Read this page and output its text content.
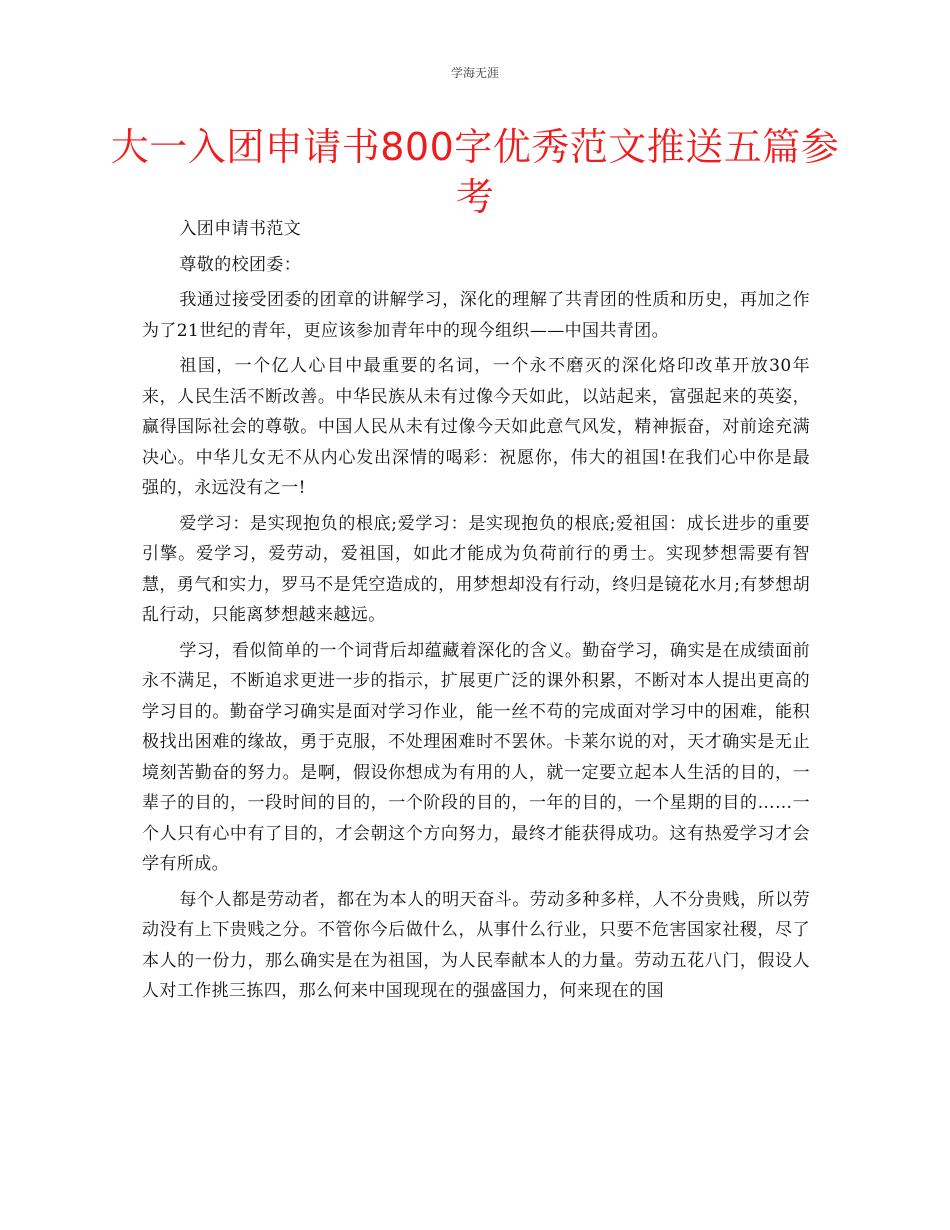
学海无涯
大一入团申请书800字优秀范文推送五篇参考

入团申请书范文

尊敬的校团委：

我通过接受团委的团章的讲解学习，深化的理解了共青团的性质和历史，再加之作为了21世纪的青年，更应该参加青年中的现今组织——中国共青团。

祖国，一个亿人心目中最重要的名词，一个永不磨灭的深化烙印改革开放30年来，人民生活不断改善。中华民族从未有过像今天如此，以站起来，富强起来的英姿，赢得国际社会的尊敬。中国人民从未有过像今天如此意气风发，精神振奋，对前途充满决心。中华儿女无不从内心发出深情的喝彩：祝愿你，伟大的祖国!在我们心中你是最强的，永远没有之一!

爱学习：是实现抱负的根底;爱学习：是实现抱负的根底;爱祖国：成长进步的重要引擎。爱学习，爱劳动，爱祖国，如此才能成为负荷前行的勇士。实现梦想需要有智慧，勇气和实力，罗马不是凭空造成的，用梦想却没有行动，终归是镜花水月;有梦想胡乱行动，只能离梦想越来越远。

学习，看似简单的一个词背后却蕴藏着深化的含义。勤奋学习，确实是在成绩面前永不满足，不断追求更进一步的指示，扩展更广泛的课外积累，不断对本人提出更高的学习目的。勤奋学习确实是面对学习作业，能一丝不苟的完成面对学习中的困难，能积极找出困难的缘故，勇于克服，不处理困难时不罢休。卡莱尔说的对，天才确实是无止境刻苦勤奋的努力。是啊，假设你想成为有用的人，就一定要立起本人生活的目的，一辈子的目的，一段时间的目的，一个阶段的目的，一年的目的，一个星期的目的……一个人只有心中有了目的，才会朝这个方向努力，最终才能获得成功。这有热爱学习才会学有所成。

每个人都是劳动者，都在为本人的明天奋斗。劳动多种多样，人不分贵贱，所以劳动没有上下贵贱之分。不管你今后做什么，从事什么行业，只要不危害国家社稷，尽了本人的一份力，那么确实是在为祖国，为人民奉献本人的力量。劳动五花八门，假设人人对工作挑三拣四，那么何来中国现现在的强盛国力，何来现在的国
